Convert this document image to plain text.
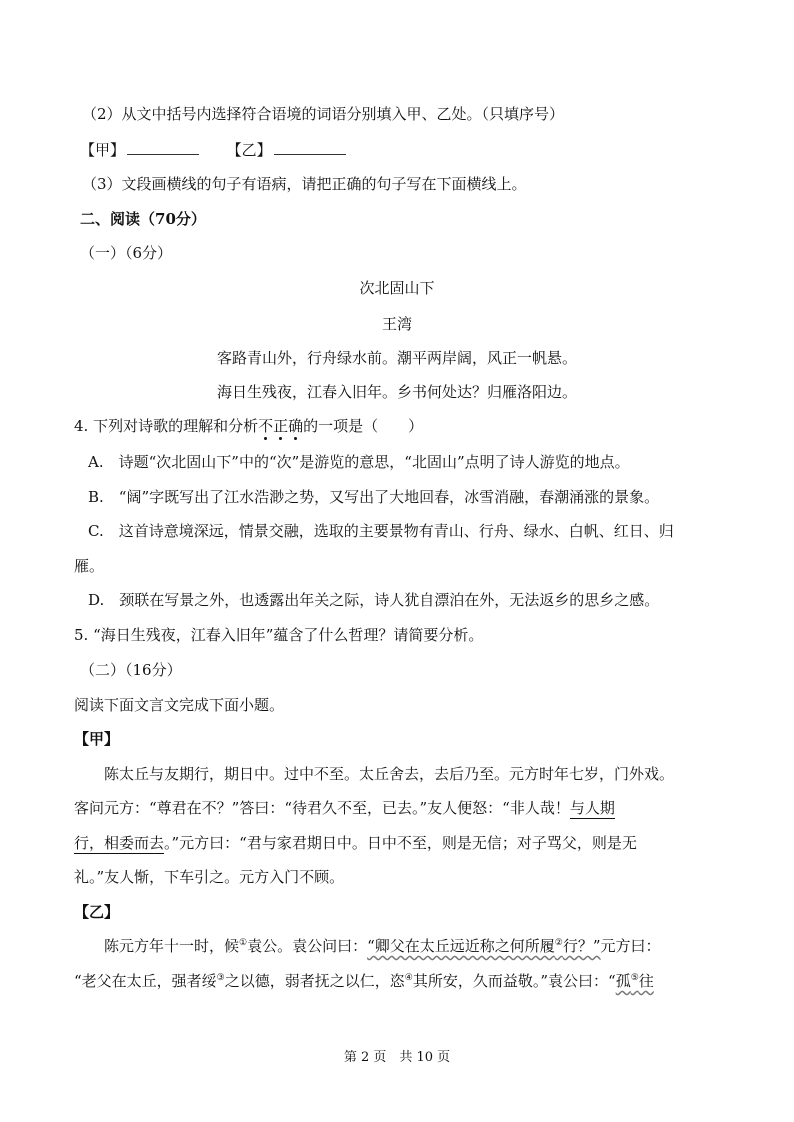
（2）从文中括号内选择符合语境的词语分别填入甲、乙处。（只填序号）
【甲】	【乙】
（3）文段画横线的句子有语病，请把正确的句子写在下面横线上。
二、阅读（70分）
（一）（6分）
次北固山下
王湾
客路青山外，行舟绿水前。潮平两岸阔，风正一帆悬。
海日生残夜，江春入旧年。乡书何处达？归雁洛阳边。
4. 下列对诗歌的理解和分析不正确的一项是（　　）
A.　诗题“次北固山下”中的“次”是游览的意思，“北固山”点明了诗人游览的地点。
B.　“阔”字既写出了江水浩渺之势，又写出了大地回春，冰雪消融，春潮涌涨的景象。
C.　这首诗意境深远，情景交融，选取的主要景物有青山、行舟、绿水、白帆、红日、归
雁。
D.　颈联在写景之外，也透露出年关之际，诗人犹自漂泊在外，无法返乡的思乡之感。
5. “海日生残夜，江春入旧年”蕴含了什么哲理？请简要分析。
（二）（16分）
阅读下面文言文完成下面小题。
【甲】
陈太丘与友期行，期日中。过中不至。太丘舍去，去后乃至。元方时年七岁，门外戏。
客问元方：“尊君在不？”答曰：“待君久不至，已去。”友人便怒：“非人哉！与人期
行，相委而去。”元方曰：“君与家君期日中。日中不至，则是无信；对子骂父，则是无
礼。”友人惭，下车引之。元方入门不顾。
【乙】
陈元方年十一时，候①袁公。袁公问曰：“卿父在太丘远近称之何所履②行？”元方曰：
“老父在太丘，强者绥③之以德，弱者抚之以仁，恣④其所安，久而益敬。”袁公曰：“孤⑤往
第 2 页　共 10 页
